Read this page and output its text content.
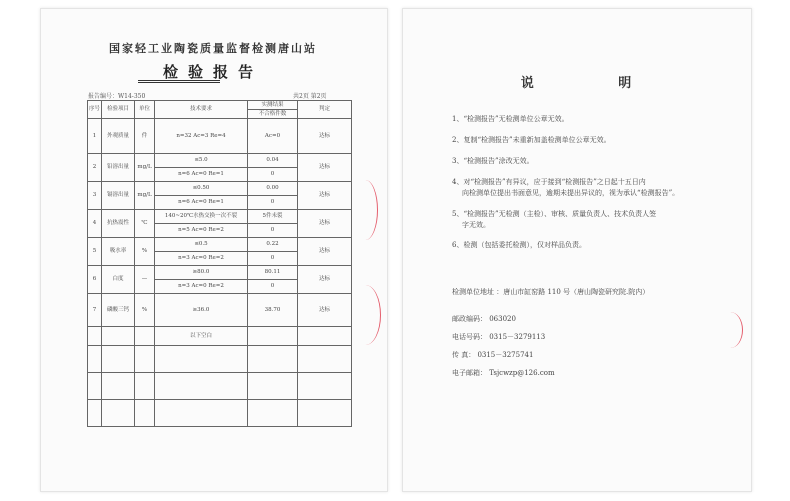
国家轻工业陶瓷质量监督检测唐山站
检验报告
报告编号：W14-350	共2页 第2页
序号	检验项目	单位	技术要求	实测结果	判定
				不合格件数	
1	外观质量	件	n=32 Ac=3 Re=4	Ac=0	达标
2	铅溶出量	mg/L	≤5.0	0.04	达标
			n=6 Ac=0 Re=1	0	
3	镉溶出量	mg/L	≤0.50	0.00	达标
			n=6 Ac=0 Re=1	0	
4	抗热震性	℃	140~20℃水热交换一次不裂	5件未裂	达标
			n=5 Ac=0 Re=2	0	
5	吸水率	%	≤0.5	0.22	达标
			n=3 Ac=0 Re=2	0	
6	白度	—	≥80.0	80.11	达标
			n=3 Ac=0 Re=2	0	
7	磷酸三钙	%	≥36.0	38.70	达标
			以下空白		

说 明
1、“检测报告”无检测单位公章无效。
2、复制“检测报告”未重新加盖检测单位公章无效。
3、“检测报告”涂改无效。
4、对“检测报告”有异议，应于接到“检测报告”之日起十五日内
向检测单位提出书面意见，逾期未提出异议的，视为承认“检测报告”。
5、“检测报告”无检测（主检）、审核、质量负责人、技术负责人签
字无效。
6、检测（包括委托检测），仅对样品负责。
检测单位地址 ：唐山市缸窑路 110 号（唐山陶瓷研究院.院内）
邮政编码： 063020
电话号码： 0315－3279113
传 真： 0315－3275741
电子邮箱： Tsjcwzp@126.com
